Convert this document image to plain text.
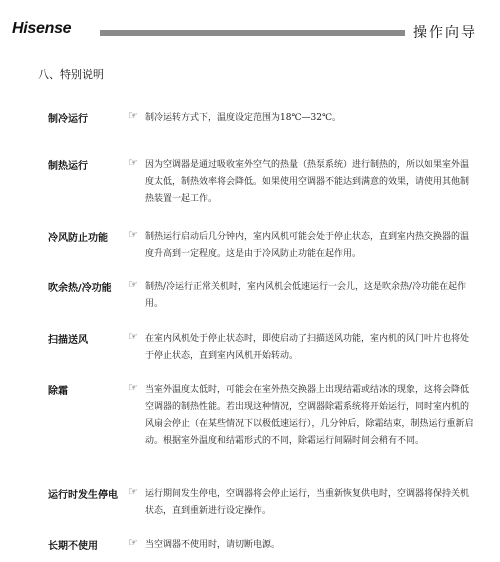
Hisense	操作向导
八、特别说明
制冷运行	☞ 制冷运转方式下，温度设定范围为18℃—32℃。
制热运行	☞ 因为空调器是通过吸收室外空气的热量（热泵系统）进行制热的，所以如果室外温度太低，制热效率将会降低。如果使用空调器不能达到满意的效果，请使用其他制热装置一起工作。
冷风防止功能 ☞ 制热运行启动后几分钟内，室内风机可能会处于停止状态，直到室内热交换器的温度升高到一定程度。这是由于冷风防止功能在起作用。
吹余热/冷功能 ☞ 制热/冷运行正常关机时，室内风机会低速运行一会儿，这是吹余热/冷功能在起作用。
扫描送风	☞ 在室内风机处于停止状态时，即使启动了扫描送风功能，室内机的风门叶片也将处于停止状态，直到室内风机开始转动。
除霜	☞ 当室外温度太低时，可能会在室外热交换器上出现结霜或结冰的现象，这将会降低空调器的制热性能。若出现这种情况，空调器除霜系统将开始运行，同时室内机的风扇会停止（在某些情况下以极低速运行），几分钟后，除霜结束，制热运行重新启动。根据室外温度和结霜形式的不同，除霜运行间隔时间会稍有不同。
运行时发生停电 ☞ 运行期间发生停电，空调器将会停止运行，当重新恢复供电时，空调器将保持关机状态，直到重新进行设定操作。
长期不使用	☞ 当空调器不使用时，请切断电源。
